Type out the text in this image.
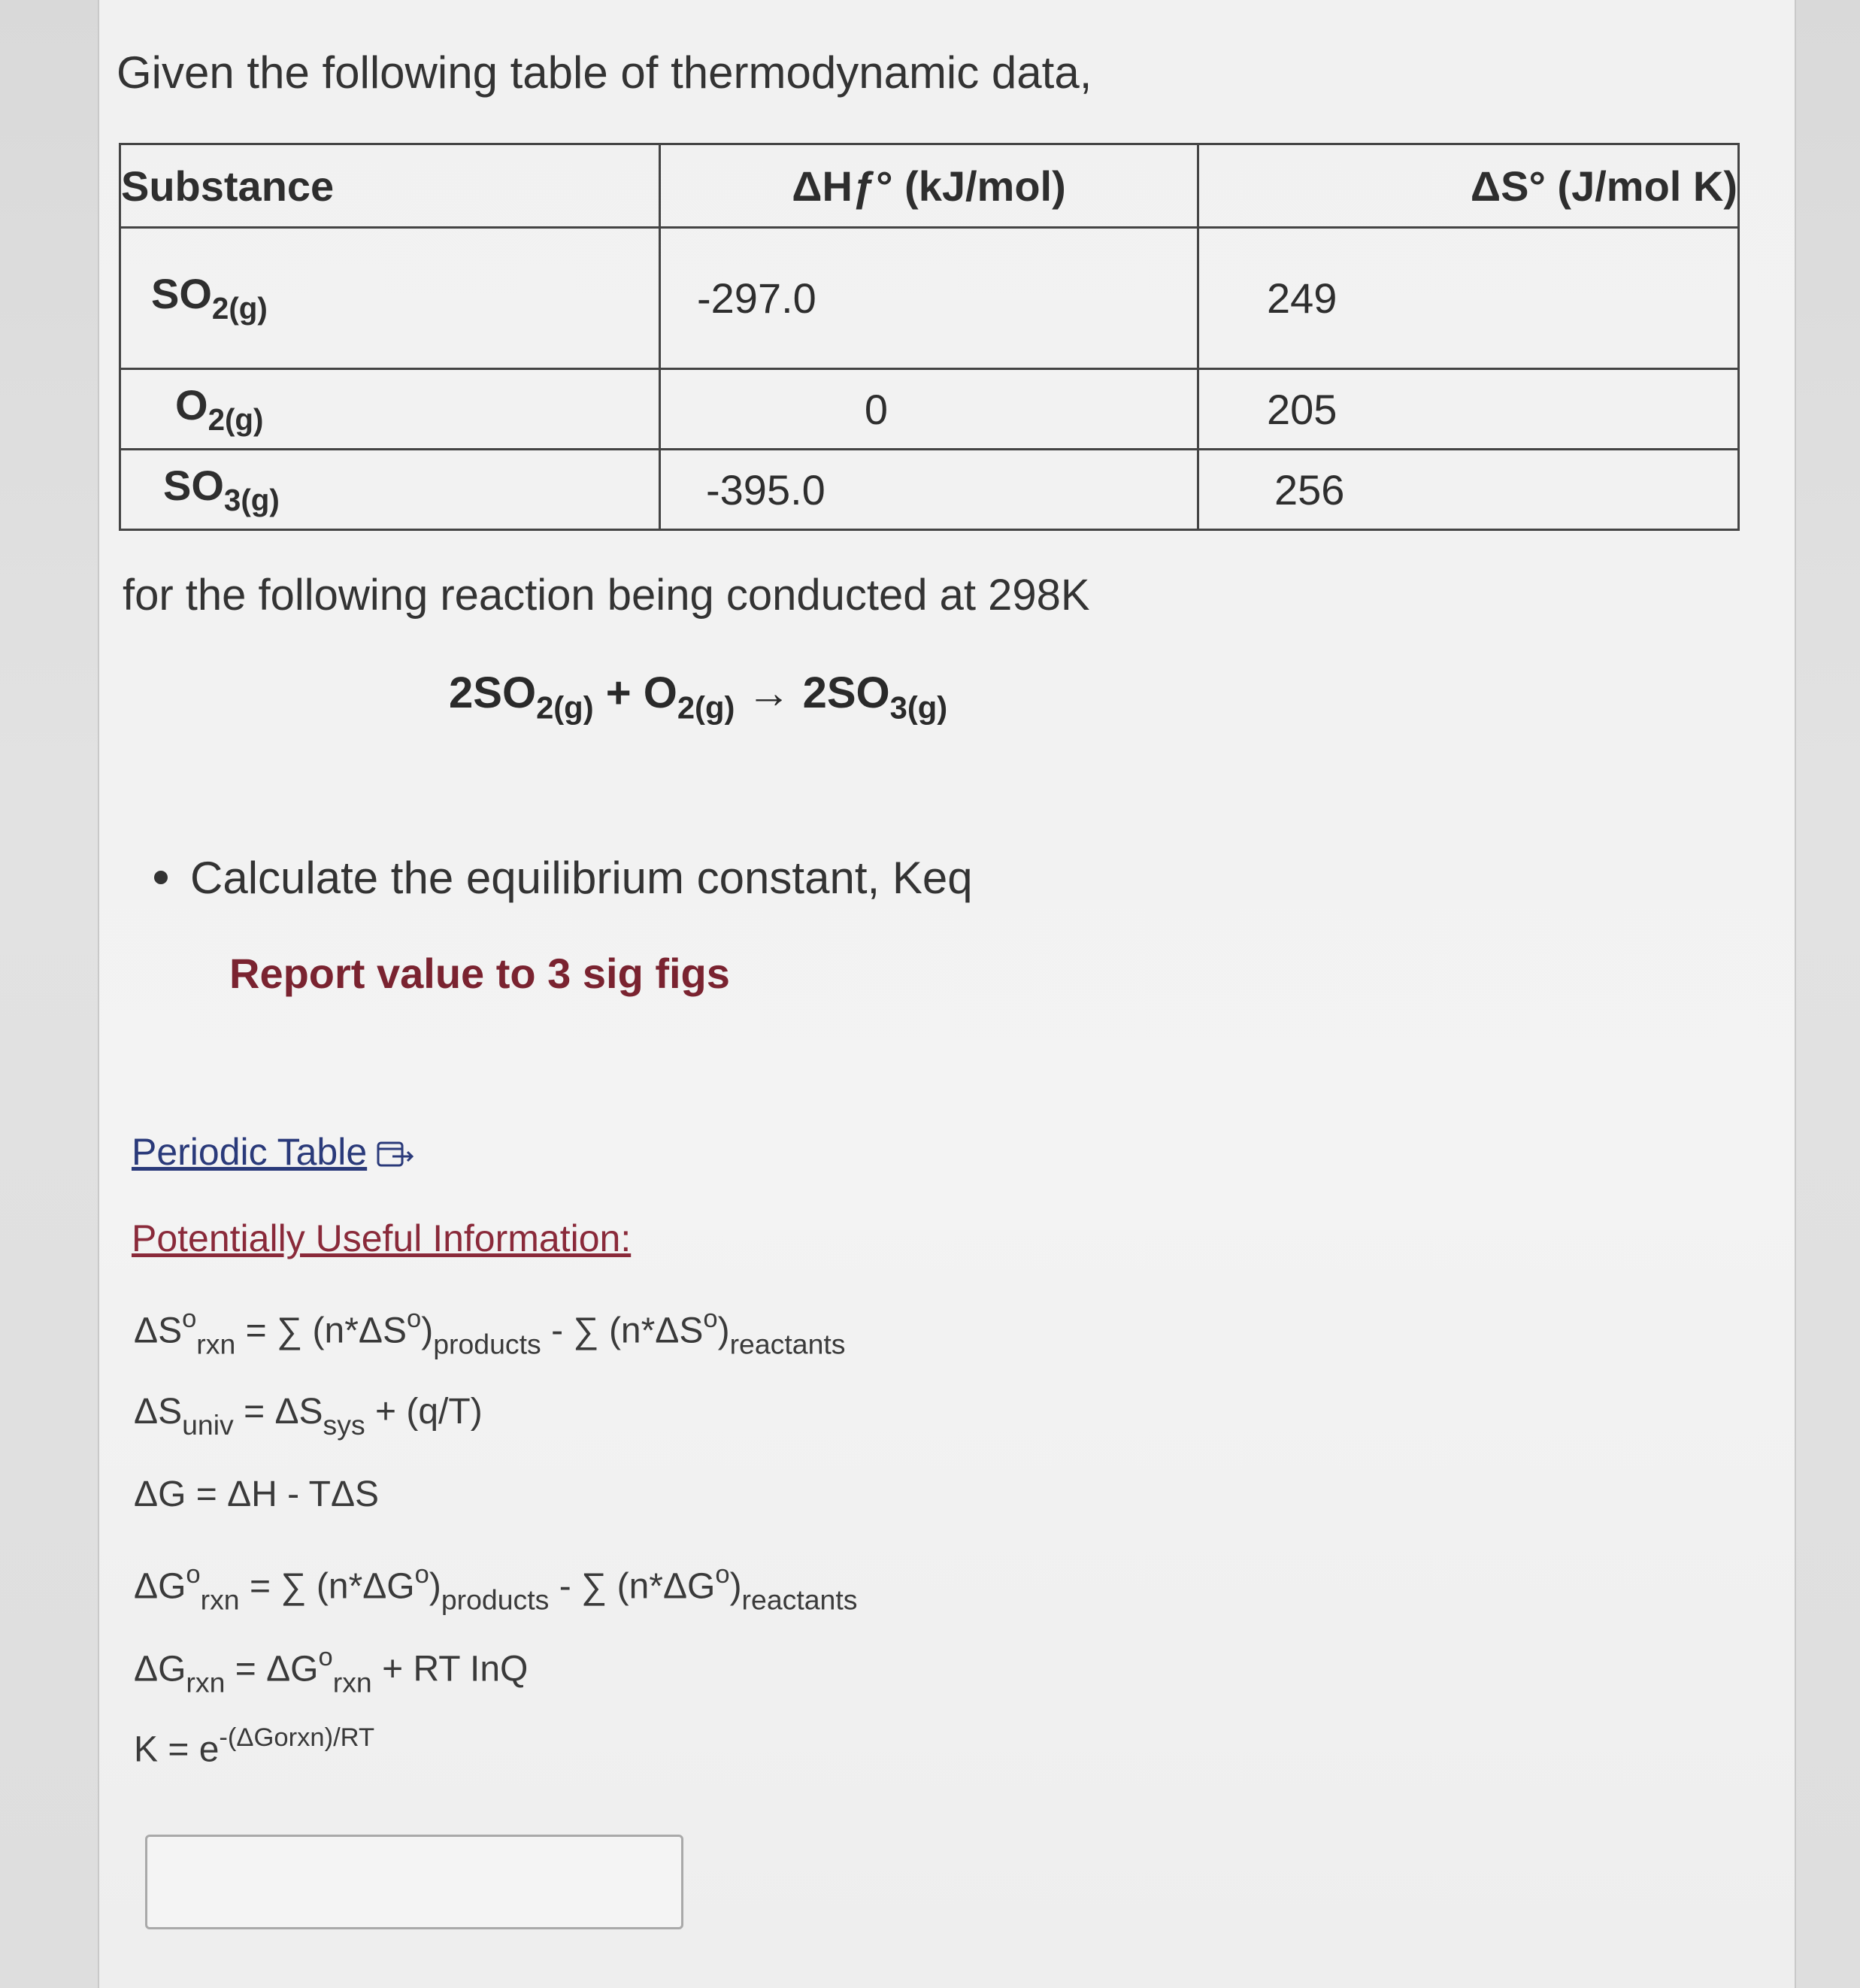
Given the following table of thermodynamic data,
Substance	ΔHƒ° (kJ/mol)	ΔS° (J/mol K)
$SO_{2(g)}$	-297.0	249
$O_{2(g)}$	0	205
$SO_{3(g)}$	-395.0	256
for the following reaction being conducted at 298K
$2SO_{2(g)} + O_{2(g)} \to 2SO_{3(g)}$
Calculate the equilibrium constant, Keq
Report value to 3 sig figs
Periodic Table
Potentially Useful Information:
$\Delta S^o_{rxn}$ = ∑ $(n*\Delta S^o)_{products}$ - ∑ $(n*\Delta S^o)_{reactants}$
$\Delta S_{univ} = \Delta S_{sys} + (q/T)$
ΔG = ΔH - TΔS
$\Delta G^o_{rxn}$ = ∑ $(n*\Delta G^o)_{products}$ - ∑ $(n*\Delta G^o)_{reactants}$
$\Delta G_{rxn} = \Delta G^o_{rxn}$ + RT InQ
$K = e^{-(\Delta Gorxn)/RT}$
